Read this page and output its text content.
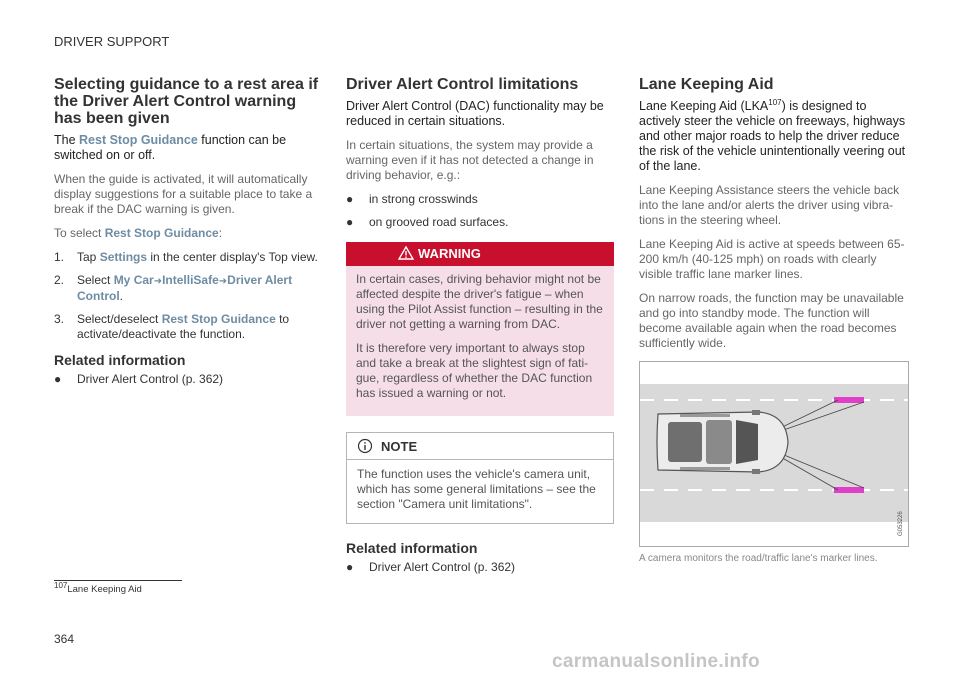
DRIVER SUPPORT
Selecting guidance to a rest area if the Driver Alert Control warning has been given

The Rest Stop Guidance function can be switched on or off.

When the guide is activated, it will automatically display suggestions for a suitable place to take a break if the DAC warning is given.

To select Rest Stop Guidance:

1. Tap Settings in the center display's Top view.
2. Select My Car➜IntelliSafe➜Driver Alert Control.
3. Select/deselect Rest Stop Guidance to activate/deactivate the function.
Related information
● Driver Alert Control (p. 362)
Driver Alert Control limitations

Driver Alert Control (DAC) functionality may be reduced in certain situations.

In certain situations, the system may provide a warning even if it has not detected a change in driving behavior, e.g.:

● in strong crosswinds
● on grooved road surfaces.
WARNING

In certain cases, driving behavior might not be affected despite the driver's fatigue – when using the Pilot Assist function – resulting in the driver not getting a warning from DAC.

It is therefore very important to always stop and take a break at the slightest sign of fati-gue, regardless of whether the DAC function has issued a warning or not.

NOTE

The function uses the vehicle's camera unit, which has some general limitations – see the section "Camera unit limitations".

Related information
● Driver Alert Control (p. 362)
Lane Keeping Aid

Lane Keeping Aid (LKA$^{107}$) is designed to actively steer the vehicle on freeways, highways and other major roads to help the driver reduce the risk of the vehicle unintentionally veering out of the lane.

Lane Keeping Assistance steers the vehicle back into the lane and/or alerts the driver using vibra-tions in the steering wheel.

Lane Keeping Aid is active at speeds between 65-200 km/h (40-125 mph) on roads with clearly visible traffic lane marker lines.

On narrow roads, the function may be unavailable and go into standby mode. The function will become available again when the road becomes sufficiently wide.

G053226
A camera monitors the road/traffic lane's marker lines.
$^{107}$Lane Keeping Aid
364
carmanualsonline.info
